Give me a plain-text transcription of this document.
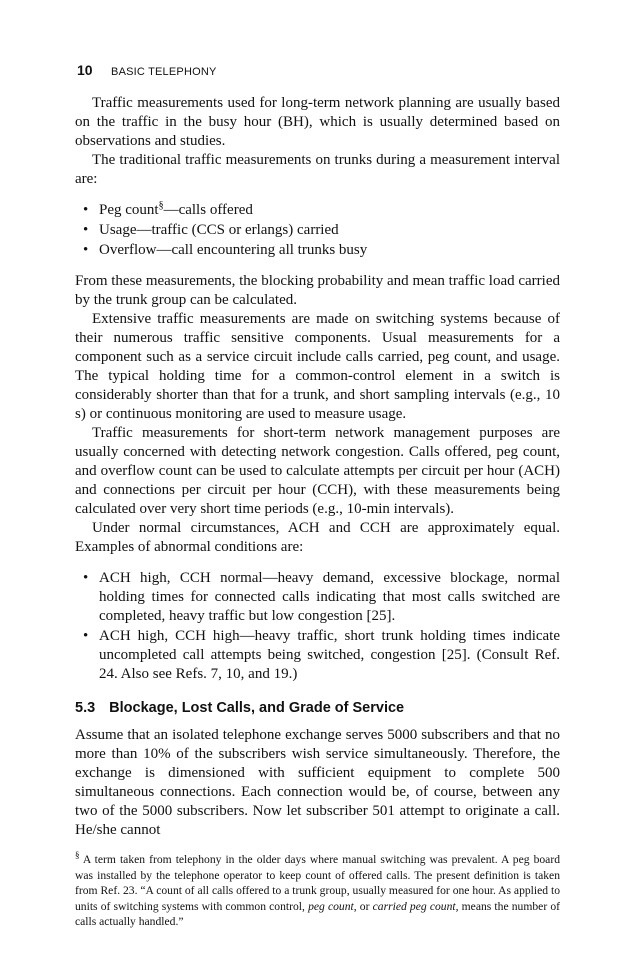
10 BASIC TELEPHONY

Traffic measurements used for long-term network planning are usually based on the traffic in the busy hour (BH), which is usually determined based on observations and studies.

The traditional traffic measurements on trunks during a measurement interval are:

• Peg count§—calls offered
• Usage—traffic (CCS or erlangs) carried
• Overflow—call encountering all trunks busy

From these measurements, the blocking probability and mean traffic load carried by the trunk group can be calculated.

Extensive traffic measurements are made on switching systems because of their numerous traffic sensitive components. Usual measurements for a component such as a service circuit include calls carried, peg count, and usage. The typical holding time for a common-control element in a switch is considerably shorter than that for a trunk, and short sampling intervals (e.g., 10 s) or continuous monitoring are used to measure usage.

Traffic measurements for short-term network management purposes are usually concerned with detecting network congestion. Calls offered, peg count, and overflow count can be used to calculate attempts per circuit per hour (ACH) and connections per circuit per hour (CCH), with these measurements being calculated over very short time periods (e.g., 10-min intervals).

Under normal circumstances, ACH and CCH are approximately equal. Examples of abnormal conditions are:

• ACH high, CCH normal—heavy demand, excessive blockage, normal holding times for connected calls indicating that most calls switched are completed, heavy traffic but low congestion [25].
• ACH high, CCH high—heavy traffic, short trunk holding times indicate uncompleted call attempts being switched, congestion [25]. (Consult Ref. 24. Also see Refs. 7, 10, and 19.)
5.3 Blockage, Lost Calls, and Grade of Service

Assume that an isolated telephone exchange serves 5000 subscribers and that no more than 10% of the subscribers wish service simultaneously. Therefore, the exchange is dimensioned with sufficient equipment to complete 500 simultaneous connections. Each connection would be, of course, between any two of the 5000 subscribers. Now let subscriber 501 attempt to originate a call. He/she cannot

§ A term taken from telephony in the older days where manual switching was prevalent. A peg board was installed by the telephone operator to keep count of offered calls. The present definition is taken from Ref. 23. “A count of all calls offered to a trunk group, usually measured for one hour. As applied to units of switching systems with common control, peg count, or carried peg count, means the number of calls actually handled.”
